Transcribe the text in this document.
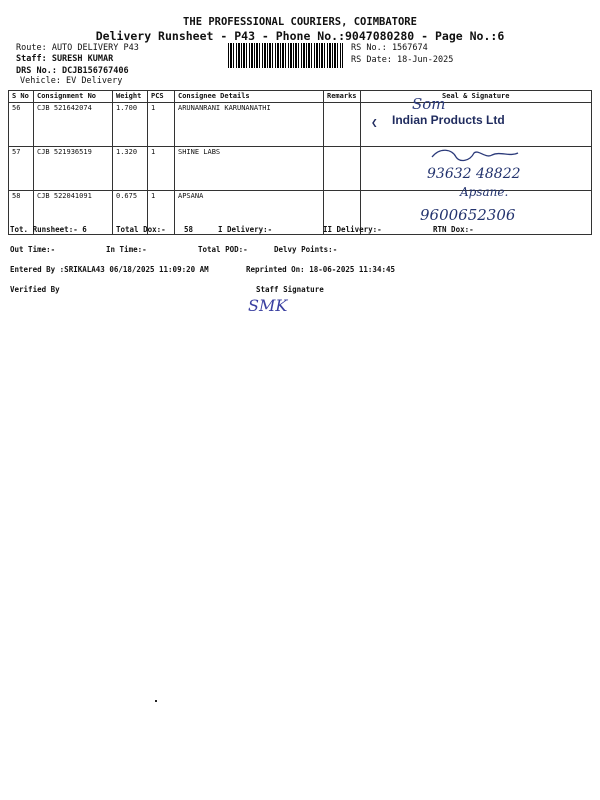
THE PROFESSIONAL COURIERS, COIMBATORE
Delivery Runsheet - P43 - Phone No.:9047080280 - Page No.:6
Route: AUTO DELIVERY P43
Staff: SURESH KUMAR
DRS No.: DCJB156767406
Vehicle: EV Delivery
RS No.: 1567674
RS Date: 18-Jun-2025
S No	Consignment No	Weight	PCS	Consignee Details	Remarks	Seal & Signature
56	CJB 521642074	1.700	1	ARUNANRANI KARUNANATHI		
57	CJB 521936519	1.320	1	SHINE LABS		
58	CJB 522041091	0.675	1	APSANA		
Som
❮ Indian Products Ltd
93632 48822
Apsane.
9600652306
Tot. Runsheet:- 6	Total Dox:- 58	I Delivery:-	II Delivery:-	RTN Dox:-
Out Time:-	In Time:-	Total POD:-	Delvy Points:-
Entered By :SRIKALA43 06/18/2025 11:09:20 AM	Reprinted On: 18-06-2025 11:34:45
Verified By	Staff Signature
SMK
